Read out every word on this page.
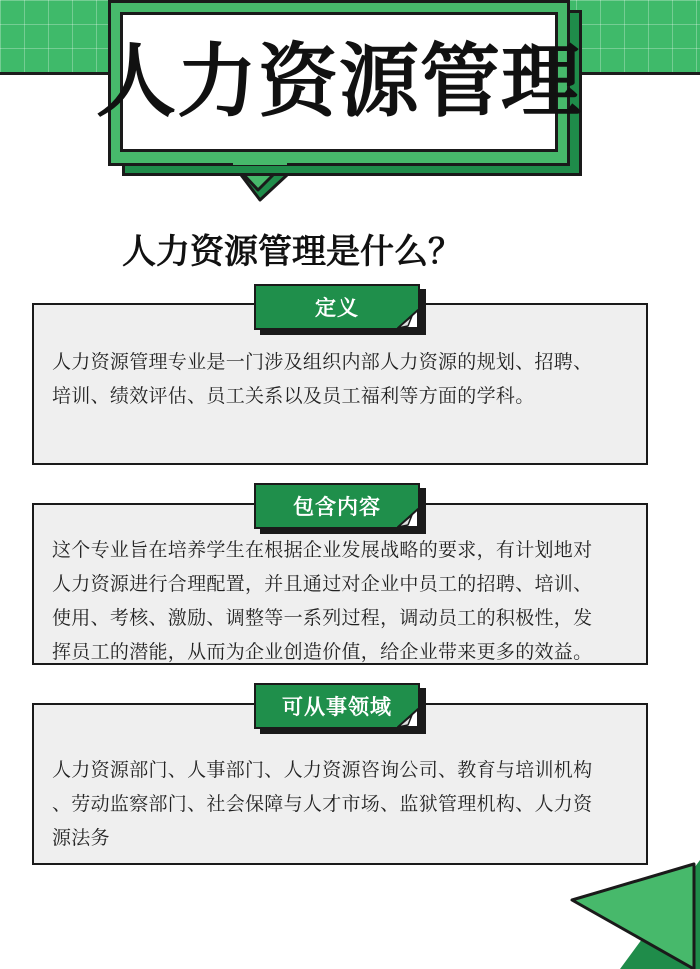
人力资源管理
人力资源管理是什么？
人力资源管理专业是一门涉及组织内部人力资源的规划、招聘、
培训、绩效评估、员工关系以及员工福利等方面的学科。
定义
这个专业旨在培养学生在根据企业发展战略的要求，有计划地对
人力资源进行合理配置，并且通过对企业中员工的招聘、培训、
使用、考核、激励、调整等一系列过程，调动员工的积极性，发
挥员工的潜能，从而为企业创造价值，给企业带来更多的效益。
包含内容
人力资源部门、人事部门、人力资源咨询公司、教育与培训机构
、劳动监察部门、社会保障与人才市场、监狱管理机构、人力资
源法务
可从事领域
